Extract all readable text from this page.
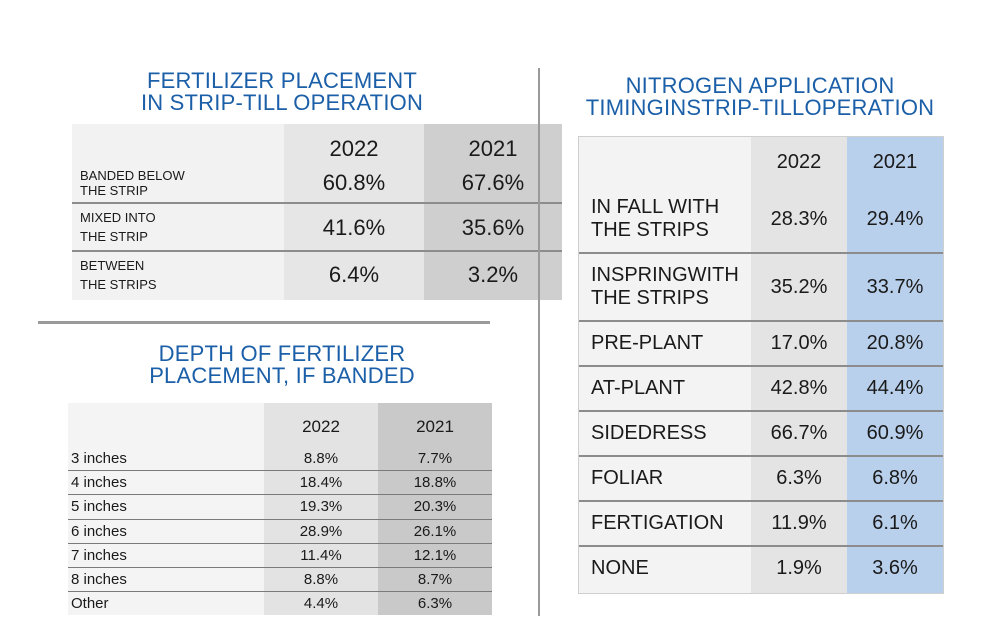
FERTILIZER PLACEMENT
IN STRIP-TILL OPERATION
2022	2021
BANDED BELOW
THE STRIP	60.8%	67.6%
MIXED INTO
THE STRIP	41.6%	35.6%
BETWEEN
THE STRIPS	6.4%	3.2%
DEPTH OF FERTILIZER
PLACEMENT, IF BANDED
2022	2021
3 inches	8.8%	7.7%
4 inches	18.4%	18.8%
5 inches	19.3%	20.3%
6 inches	28.9%	26.1%
7 inches	11.4%	12.1%
8 inches	8.8%	8.7%
Other	4.4%	6.3%
NITROGEN APPLICATION
TIMINGINSTRIP-TILLOPERATION
2022	2021
IN FALL WITH
THE STRIPS
28.3%	29.4%
INSPRINGWITH
THE STRIPS
35.2%	33.7%
PRE-PLANT	17.0%	20.8%
AT-PLANT	42.8%	44.4%
SIDEDRESS	66.7%	60.9%
FOLIAR	6.3%	6.8%
FERTIGATION	11.9%	6.1%
NONE	1.9%	3.6%
